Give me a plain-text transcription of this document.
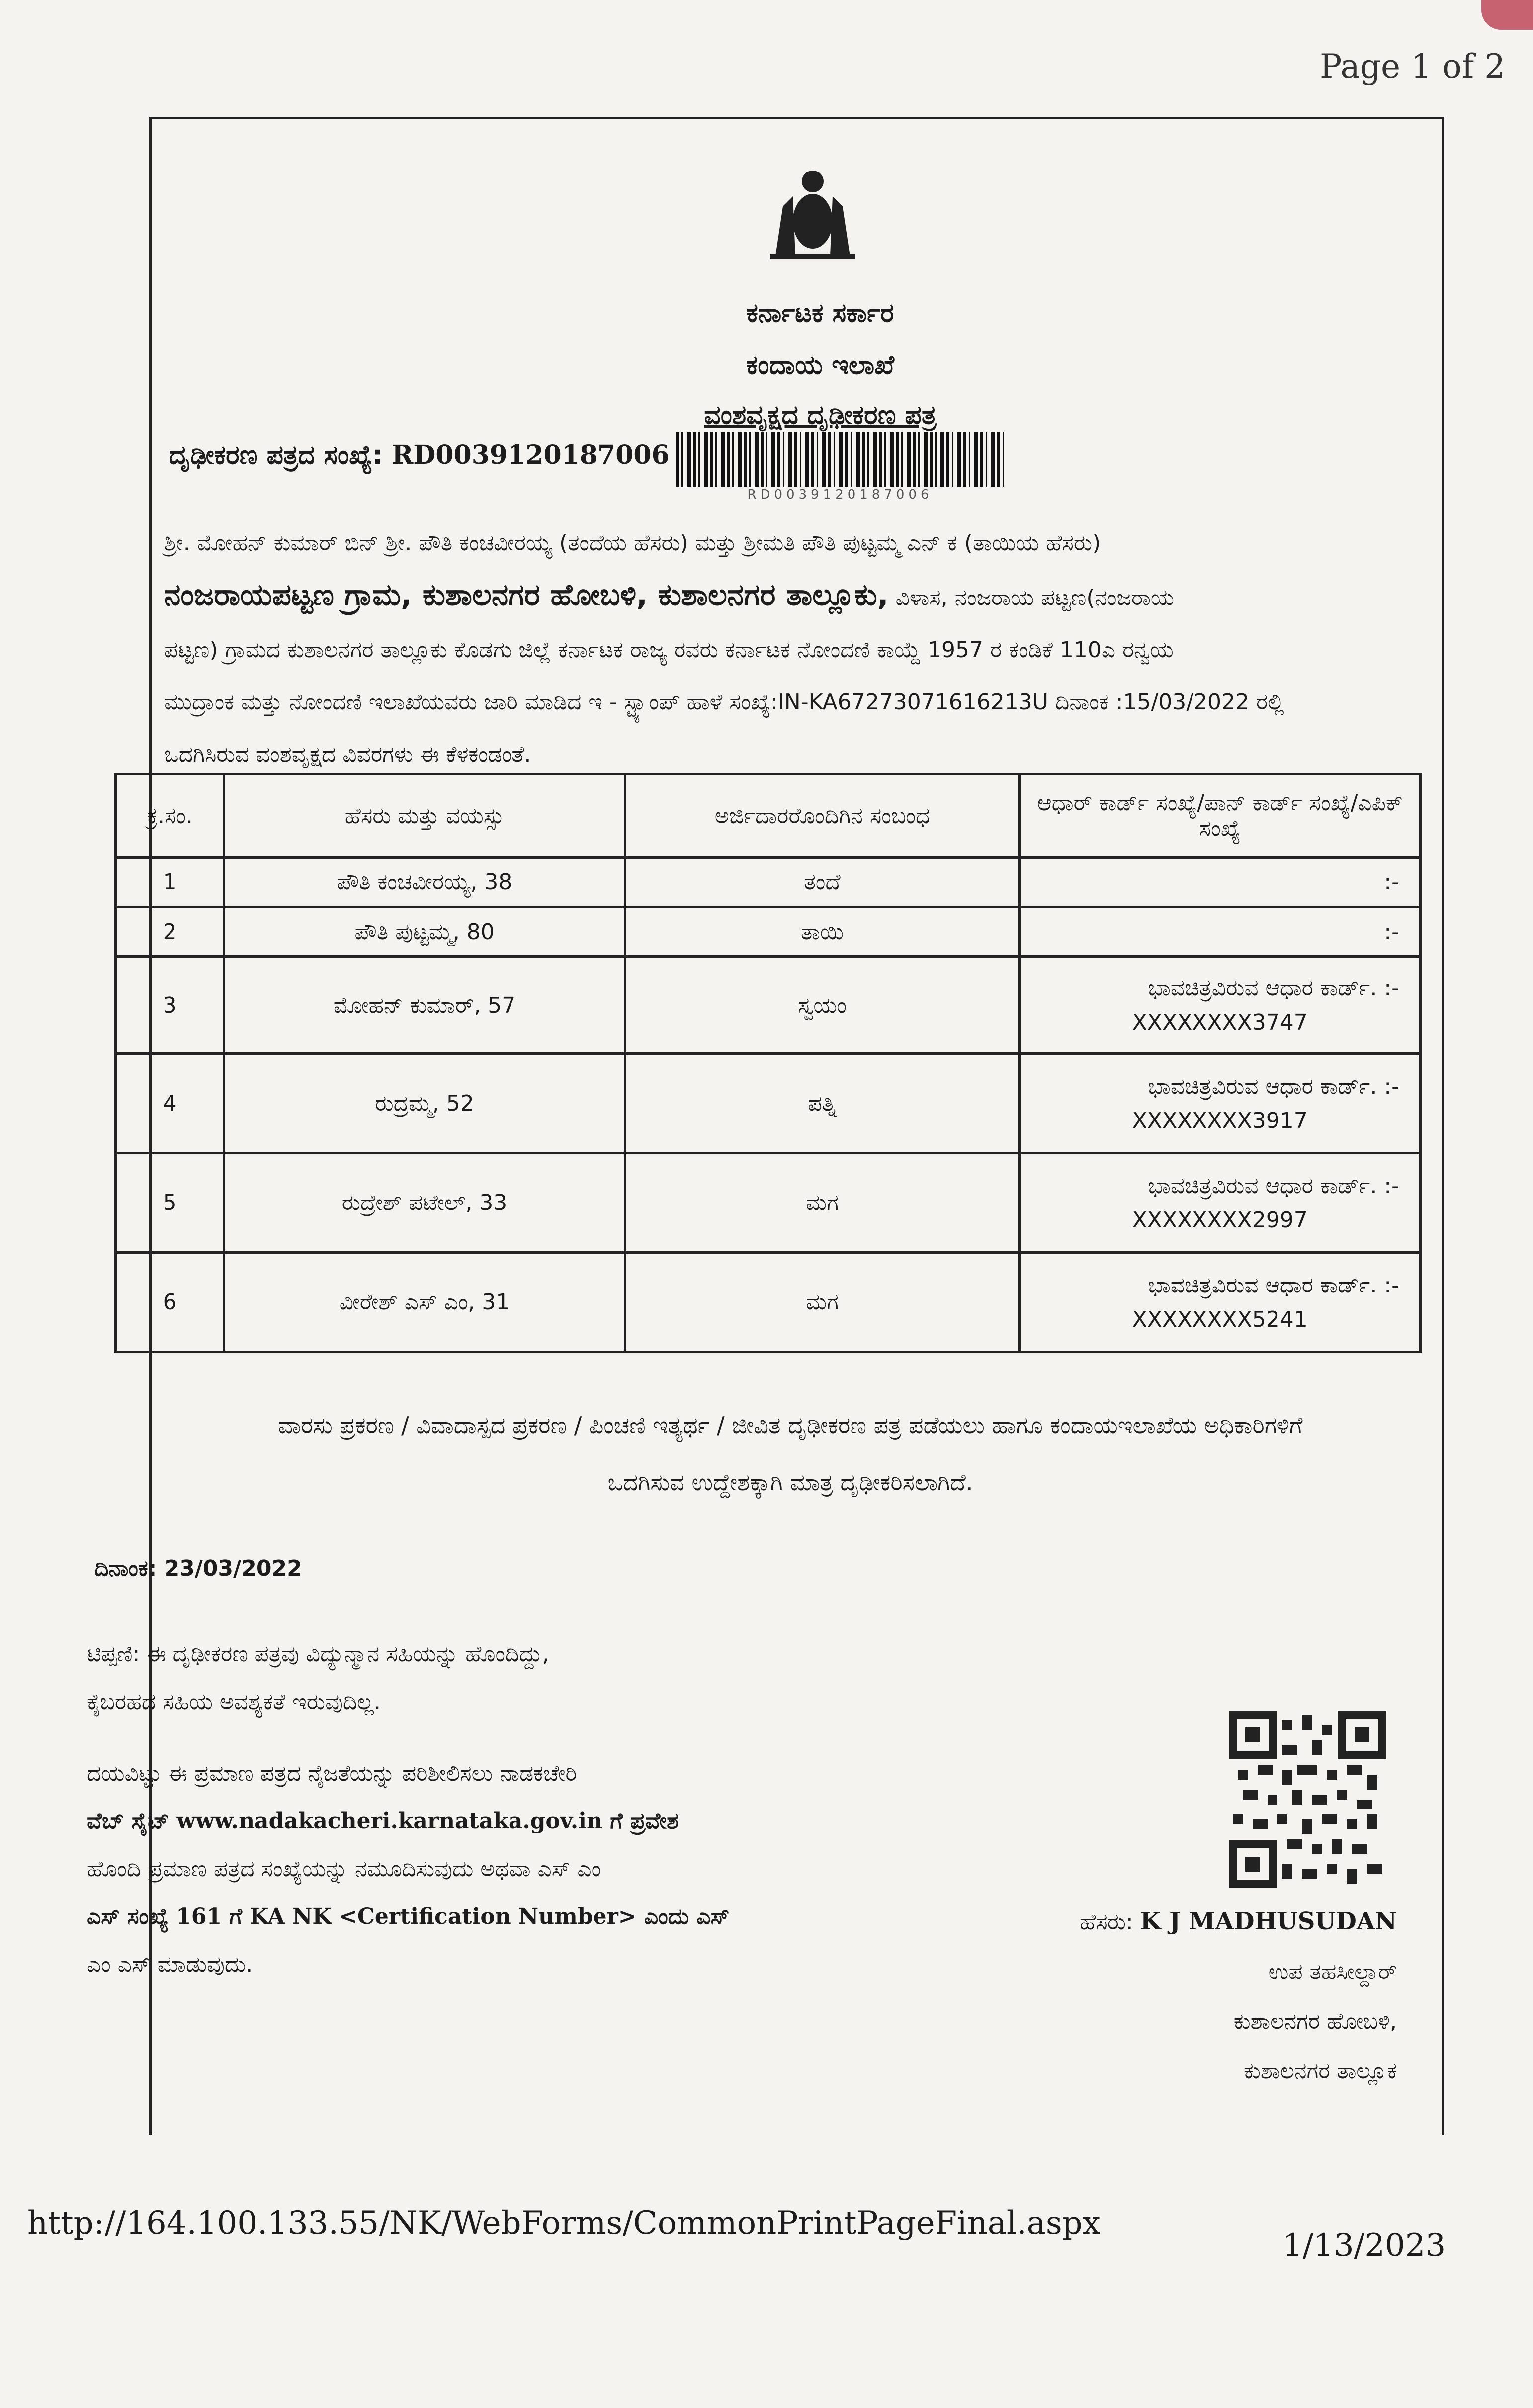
Page 1 of 2
ಕರ್ನಾಟಕ ಸರ್ಕಾರ
ಕಂದಾಯ ಇಲಾಖೆ
ವಂಶವೃಕ್ಷದ ದೃಢೀಕರಣ ಪತ್ರ
ದೃಢೀಕರಣ ಪತ್ರದ ಸಂಖ್ಯೆ: RD0039120187006
RD0039120187006
ಶ್ರೀ. ಮೋಹನ್ ಕುಮಾರ್ ಬಿನ್ ಶ್ರೀ. ಪೌತಿ ಕಂಚವೀರಯ್ಯ (ತಂದೆಯ ಹೆಸರು) ಮತ್ತು ಶ್ರೀಮತಿ ಪೌತಿ ಪುಟ್ಟಮ್ಮ ಎನ್ ಕ (ತಾಯಿಯ ಹೆಸರು)
ನಂಜರಾಯಪಟ್ಟಣ ಗ್ರಾಮ, ಕುಶಾಲನಗರ ಹೋಬಳಿ, ಕುಶಾಲನಗರ ತಾಲ್ಲೂಕು, ವಿಳಾಸ, ನಂಜರಾಯ ಪಟ್ಟಣ(ನಂಜರಾಯ
ಪಟ್ಟಣ) ಗ್ರಾಮದ ಕುಶಾಲನಗರ ತಾಲ್ಲೂಕು ಕೊಡಗು ಜಿಲ್ಲೆ ಕರ್ನಾಟಕ ರಾಜ್ಯ ರವರು ಕರ್ನಾಟಕ ನೋಂದಣಿ ಕಾಯ್ದೆ 1957 ರ ಕಂಡಿಕೆ 110ಎ ರನ್ವಯ
ಮುದ್ರಾಂಕ ಮತ್ತು ನೋಂದಣಿ ಇಲಾಖೆಯವರು ಜಾರಿ ಮಾಡಿದ ಇ - ಸ್ಟ್ಯಾಂಪ್ ಹಾಳೆ ಸಂಖ್ಯೆ:IN-KA67273071616213U ದಿನಾಂಕ :15/03/2022 ರಲ್ಲಿ
ಒದಗಿಸಿರುವ ವಂಶವೃಕ್ಷದ ವಿವರಗಳು ಈ ಕೆಳಕಂಡಂತೆ.
ಕ್ರ.ಸಂ.	ಹೆಸರು ಮತ್ತು ವಯಸ್ಸು	ಅರ್ಜಿದಾರರೊಂದಿಗಿನ ಸಂಬಂಧ	ಆಧಾರ್ ಕಾರ್ಡ್ ಸಂಖ್ಯೆ/ಪಾನ್ ಕಾರ್ಡ್ ಸಂಖ್ಯೆ/ಎಪಿಕ್ ಸಂಖ್ಯೆ
1	ಪೌತಿ ಕಂಚವೀರಯ್ಯ, 38	ತಂದೆ	:-

2	ಪೌತಿ ಪುಟ್ಟಮ್ಮ, 80	ತಾಯಿ	:-

3	ಮೋಹನ್ ಕುಮಾರ್, 57	ಸ್ವಯಂ	ಭಾವಚಿತ್ರವಿರುವ ಆಧಾರ ಕಾರ್ಡ್. :-
XXXXXXXX3747

4	ರುದ್ರಮ್ಮ, 52	ಪತ್ನಿ	ಭಾವಚಿತ್ರವಿರುವ ಆಧಾರ ಕಾರ್ಡ್. :-
XXXXXXXX3917

5	ರುದ್ರೇಶ್ ಪಟೇಲ್, 33	ಮಗ	ಭಾವಚಿತ್ರವಿರುವ ಆಧಾರ ಕಾರ್ಡ್. :-
XXXXXXXX2997

6	ವೀರೇಶ್ ಎಸ್ ಎಂ, 31	ಮಗ	ಭಾವಚಿತ್ರವಿರುವ ಆಧಾರ ಕಾರ್ಡ್. :-
XXXXXXXX5241
ವಾರಸು ಪ್ರಕರಣ / ವಿವಾದಾಸ್ಪದ ಪ್ರಕರಣ / ಪಿಂಚಣಿ ಇತ್ಯರ್ಥ / ಜೀವಿತ ದೃಢೀಕರಣ ಪತ್ರ ಪಡೆಯಲು ಹಾಗೂ ಕಂದಾಯಇಲಾಖೆಯ ಅಧಿಕಾರಿಗಳಿಗೆ
ಒದಗಿಸುವ ಉದ್ದೇಶಕ್ಕಾಗಿ ಮಾತ್ರ ದೃಢೀಕರಿಸಲಾಗಿದೆ.
ದಿನಾಂಕ: 23/03/2022
ಟಿಪ್ಪಣಿ: ಈ ದೃಢೀಕರಣ ಪತ್ರವು ವಿದ್ಯುನ್ಮಾನ ಸಹಿಯನ್ನು ಹೊಂದಿದ್ದು,
ಕೈಬರಹದ ಸಹಿಯ ಅವಶ್ಯಕತೆ ಇರುವುದಿಲ್ಲ.
ದಯವಿಟ್ಟು ಈ ಪ್ರಮಾಣ ಪತ್ರದ ನೈಜತೆಯನ್ನು ಪರಿಶೀಲಿಸಲು ನಾಡಕಚೇರಿ
ವೆಬ್ ಸೈಟ್ www.nadakacheri.karnataka.gov.in ಗೆ ಪ್ರವೇಶ
ಹೊಂದಿ ಪ್ರಮಾಣ ಪತ್ರದ ಸಂಖ್ಯೆಯನ್ನು ನಮೂದಿಸುವುದು ಅಥವಾ ಎಸ್ ಎಂ
ಎಸ್ ಸಂಖ್ಯೆ 161 ಗೆ KA NK <Certification Number> ಎಂದು ಎಸ್
ಎಂ ಎಸ್ ಮಾಡುವುದು.
ಹೆಸರು: K J MADHUSUDAN
ಉಪ ತಹಸೀಲ್ದಾರ್
ಕುಶಾಲನಗರ ಹೋಬಳಿ,
ಕುಶಾಲನಗರ ತಾಲ್ಲೂಕ
http://164.100.133.55/NK/WebForms/CommonPrintPageFinal.aspx
1/13/2023
